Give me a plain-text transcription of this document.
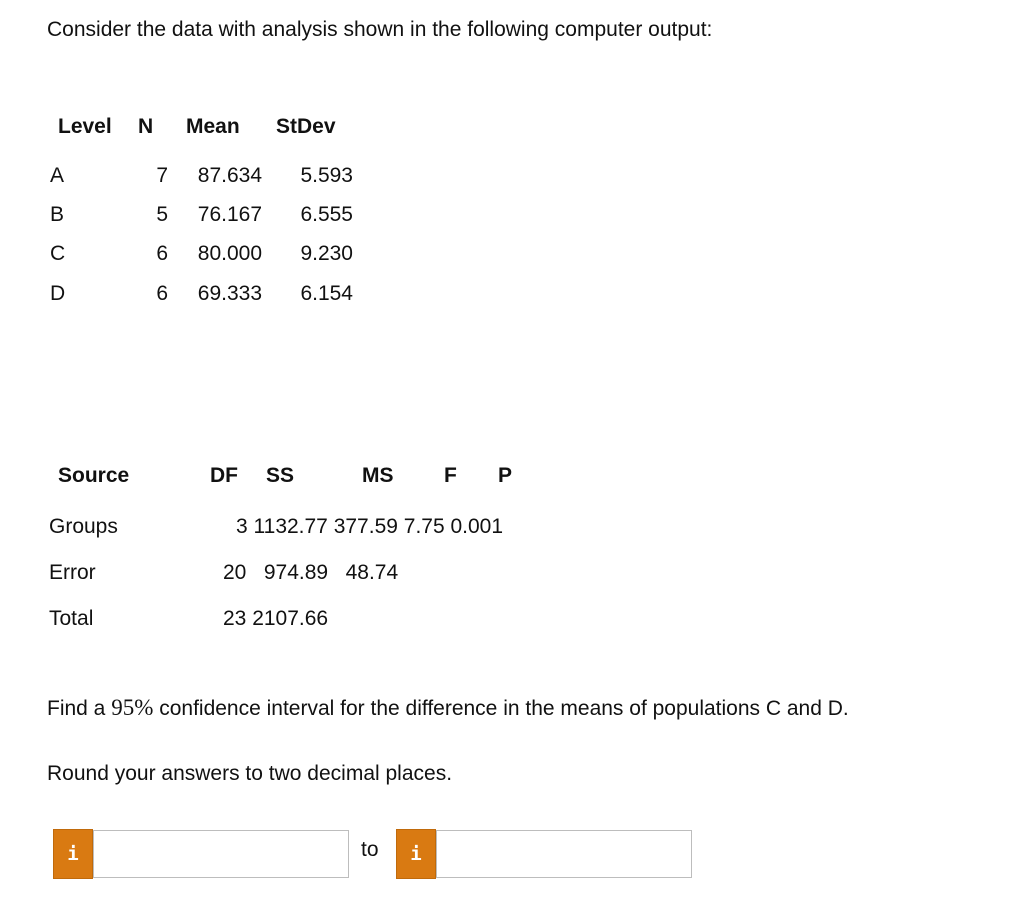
Consider the data with analysis shown in the following computer output:
Level N Mean StDev
A	7	87.634	5.593
B	5	76.167	6.555
C	6	80.000	9.230
D	6	69.333	6.154
Source	DF SS	MS F P
Groups	3 1132.77 377.59 7.75 0.001
Error	20   974.89   48.74
Total	23 2107.66
Find a 95% confidence interval for the difference in the means of populations C and D.
Round your answers to two decimal places.
i	to	i
